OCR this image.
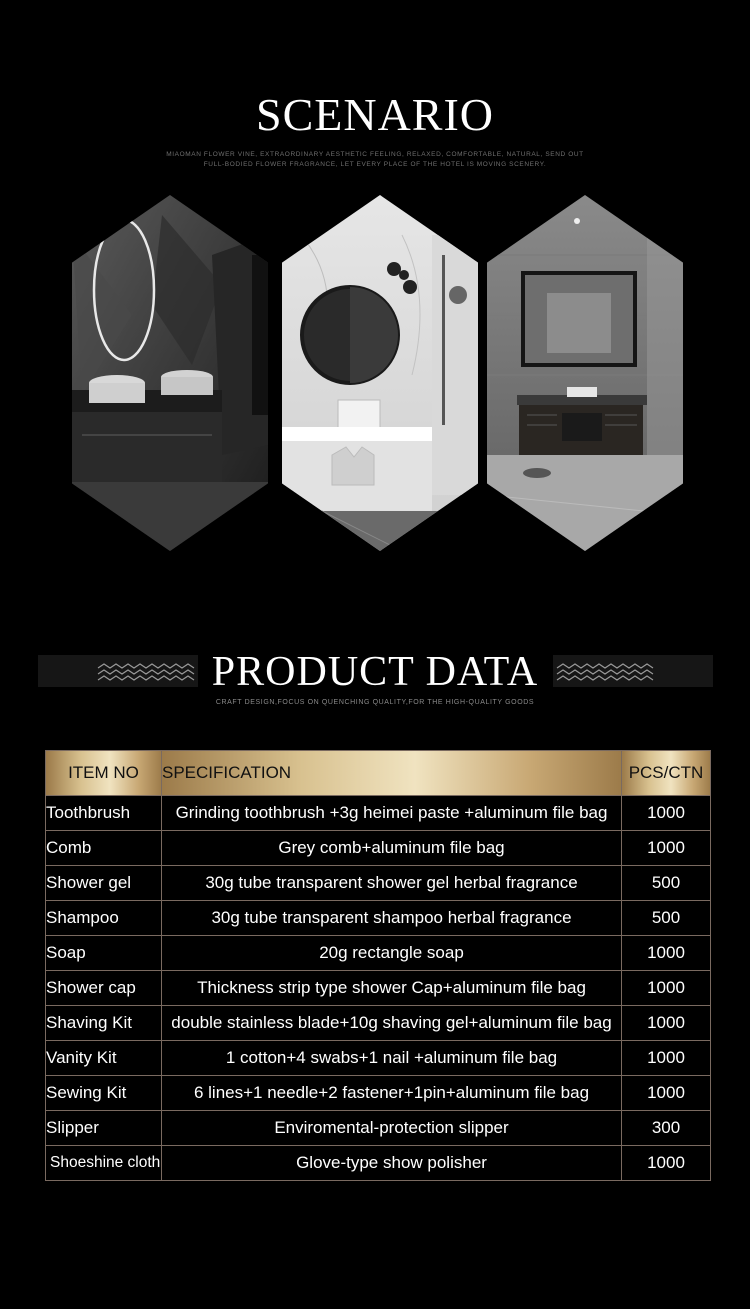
SCENARIO
MIAOMAN FLOWER VINE, EXTRAORDINARY AESTHETIC FEELING, RELAXED, COMFORTABLE, NATURAL, SEND OUT
FULL-BODIED FLOWER FRAGRANCE, LET EVERY PLACE OF THE HOTEL IS MOVING SCENERY.
PRODUCT DATA
CRAFT DESIGN,FOCUS ON QUENCHING QUALITY,FOR THE HIGH-QUALITY GOODS
ITEM NO	SPECIFICATION	PCS/CTN
Toothbrush	Grinding toothbrush +3g heimei paste +aluminum file bag	1000
Comb	Grey comb+aluminum file bag	1000
Shower gel	30g tube transparent shower gel herbal fragrance	500
Shampoo	30g tube transparent shampoo herbal fragrance	500
Soap	20g rectangle soap	1000
Shower cap	Thickness strip type shower Cap+aluminum file bag	1000
Shaving Kit	double stainless blade+10g shaving gel+aluminum file bag	1000
Vanity Kit	1 cotton+4 swabs+1 nail +aluminum file bag	1000
Sewing Kit	6 lines+1 needle+2 fastener+1pin+aluminum file bag	1000
Slipper	Enviromental-protection slipper	300
Shoeshine cloth	Glove-type show polisher	1000
